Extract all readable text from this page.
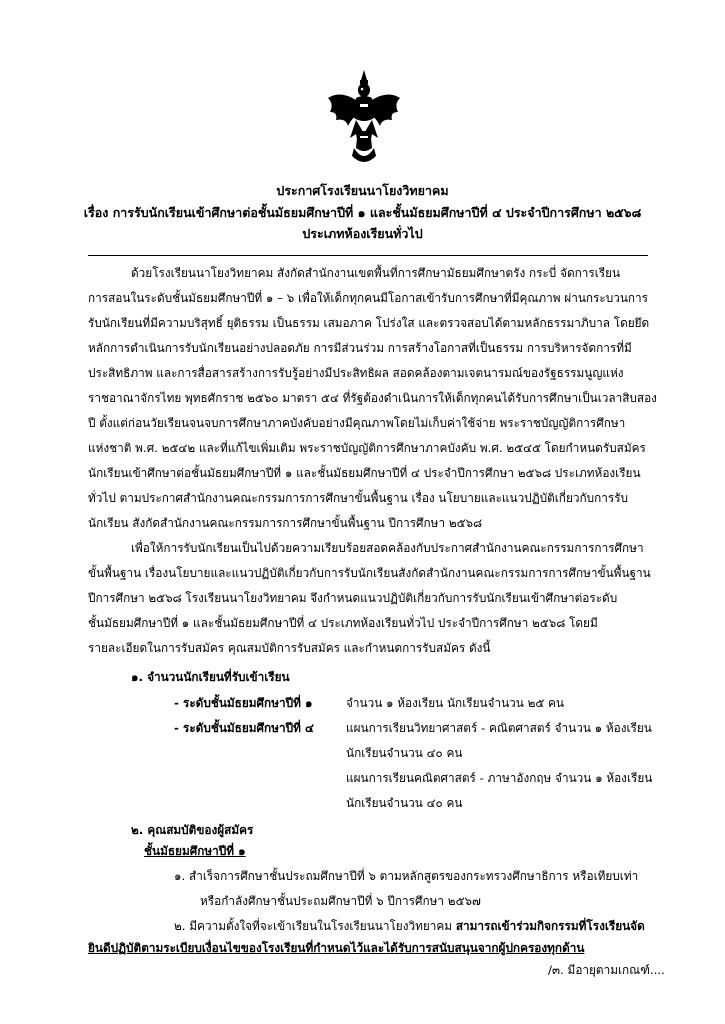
ประกาศโรงเรียนนาโยงวิทยาคม
เรื่อง การรับนักเรียนเข้าศึกษาต่อชั้นมัธยมศึกษาปีที่ ๑ และชั้นมัธยมศึกษาปีที่ ๔ ประจำปีการศึกษา ๒๕๖๘
ประเภทห้องเรียนทั่วไป
ด้วยโรงเรียนนาโยงวิทยาคม สังกัดสำนักงานเขตพื้นที่การศึกษามัธยมศึกษาตรัง กระบี่ จัดการเรียน
การสอนในระดับชั้นมัธยมศึกษาปีที่ ๑ – ๖ เพื่อให้เด็กทุกคนมีโอกาสเข้ารับการศึกษาที่มีคุณภาพ ผ่านกระบวนการ
รับนักเรียนที่มีความบริสุทธิ์ ยุติธรรม เป็นธรรม เสมอภาค โปร่งใส และตรวจสอบได้ตามหลักธรรมาภิบาล โดยยึด
หลักการดำเนินการรับนักเรียนอย่างปลอดภัย การมีส่วนร่วม การสร้างโอกาสที่เป็นธรรม การบริหารจัดการที่มี
ประสิทธิภาพ และการสื่อสารสร้างการรับรู้อย่างมีประสิทธิผล สอดคล้องตามเจตนารมณ์ของรัฐธรรมนูญแห่ง
ราชอาณาจักรไทย พุทธศักราช ๒๕๖๐ มาตรา ๕๔ ที่รัฐต้องดำเนินการให้เด็กทุกคนได้รับการศึกษาเป็นเวลาสิบสอง
ปี ตั้งแต่ก่อนวัยเรียนจนจบการศึกษาภาคบังคับอย่างมีคุณภาพโดยไม่เก็บค่าใช้จ่าย พระราชบัญญัติการศึกษา
แห่งชาติ พ.ศ. ๒๕๔๒ และที่แก้ไขเพิ่มเติม พระราชบัญญัติการศึกษาภาคบังคับ พ.ศ. ๒๕๔๕ โดยกำหนดรับสมัคร
นักเรียนเข้าศึกษาต่อชั้นมัธยมศึกษาปีที่ ๑ และชั้นมัธยมศึกษาปีที่ ๔ ประจำปีการศึกษา ๒๕๖๘ ประเภทห้องเรียน
ทั่วไป ตามประกาศสำนักงานคณะกรรมการการศึกษาขั้นพื้นฐาน เรื่อง นโยบายและแนวปฏิบัติเกี่ยวกับการรับ
นักเรียน สังกัดสำนักงานคณะกรรมการการศึกษาขั้นพื้นฐาน ปีการศึกษา ๒๕๖๘
เพื่อให้การรับนักเรียนเป็นไปด้วยความเรียบร้อยสอดคล้องกับประกาศสำนักงานคณะกรรมการการศึกษา
ขั้นพื้นฐาน เรื่องนโยบายและแนวปฏิบัติเกี่ยวกับการรับนักเรียนสังกัดสำนักงานคณะกรรมการการศึกษาขั้นพื้นฐาน
ปีการศึกษา ๒๕๖๘ โรงเรียนนาโยงวิทยาคม จึงกำหนดแนวปฏิบัติเกี่ยวกับการรับนักเรียนเข้าศึกษาต่อระดับ
ชั้นมัธยมศึกษาปีที่ ๑ และชั้นมัธยมศึกษาปีที่ ๔ ประเภทห้องเรียนทั่วไป ประจำปีการศึกษา ๒๕๖๘ โดยมี
รายละเอียดในการรับสมัคร คุณสมบัติการรับสมัคร และกำหนดการรับสมัคร ดังนี้
๑. จำนวนนักเรียนที่รับเข้าเรียน
- ระดับชั้นมัธยมศึกษาปีที่ ๑	จำนวน ๑ ห้องเรียน นักเรียนจำนวน ๒๕ คน
- ระดับชั้นมัธยมศึกษาปีที่ ๔	แผนการเรียนวิทยาศาสตร์ - คณิตศาสตร์ จำนวน ๑ ห้องเรียน
นักเรียนจำนวน ๔๐ คน
แผนการเรียนคณิตศาสตร์ - ภาษาอังกฤษ จำนวน ๑ ห้องเรียน
นักเรียนจำนวน ๔๐ คน
๒. คุณสมบัติของผู้สมัคร
ชั้นมัธยมศึกษาปีที่ ๑
๑. สำเร็จการศึกษาชั้นประถมศึกษาปีที่ ๖ ตามหลักสูตรของกระทรวงศึกษาธิการ หรือเทียบเท่า
หรือกำลังศึกษาชั้นประถมศึกษาปีที่ ๖ ปีการศึกษา ๒๕๖๗
๒. มีความตั้งใจที่จะเข้าเรียนในโรงเรียนนาโยงวิทยาคม สามารถเข้าร่วมกิจกรรมที่โรงเรียนจัด
ยินดีปฏิบัติตามระเบียบเงื่อนไขของโรงเรียนที่กำหนดไว้และได้รับการสนับสนุนจากผู้ปกครองทุกด้าน
/๓. มีอายุตามเกณฑ์....
